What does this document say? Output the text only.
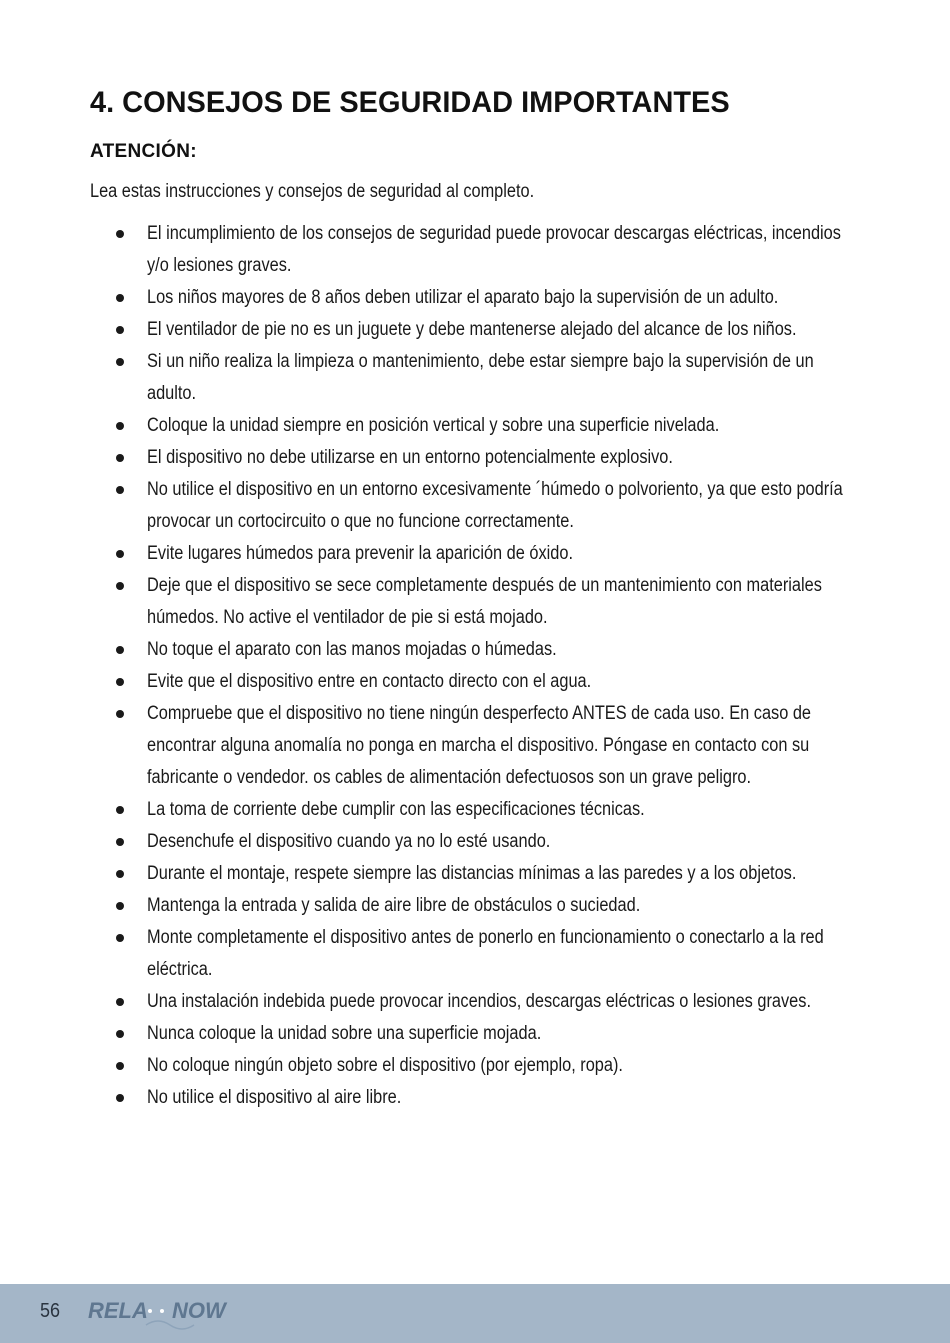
4. CONSEJOS DE SEGURIDAD IMPORTANTES
ATENCIÓN:

Lea estas instrucciones y consejos de seguridad al completo.

El incumplimiento de los consejos de seguridad puede provocar descargas eléctricas, incendios y/o lesiones graves.
Los niños mayores de 8 años deben utilizar el aparato bajo la supervisión de un adulto.
El ventilador de pie no es un juguete y debe mantenerse alejado del alcance de los niños.
Si un niño realiza la limpieza o mantenimiento, debe estar siempre bajo la supervisión de un adulto.
Coloque la unidad siempre en posición vertical y sobre una superficie nivelada.
El dispositivo no debe utilizarse en un entorno potencialmente explosivo.
No utilice el dispositivo en un entorno excesivamente ´húmedo o polvoriento, ya que esto podría provocar un cortocircuito o que no funcione correctamente.
Evite lugares húmedos para prevenir la aparición de óxido.
Deje que el dispositivo se sece completamente después de un mantenimiento con materiales húmedos. No active el ventilador de pie si está mojado.
No toque el aparato con las manos mojadas o húmedas.
Evite que el dispositivo entre en contacto directo con el agua.
Compruebe que el dispositivo no tiene ningún desperfecto ANTES de cada uso. En caso de encontrar alguna anomalía no ponga en marcha el dispositivo. Póngase en contacto con su fabricante o vendedor. os cables de alimentación defectuosos son un grave peligro.
La toma de corriente debe cumplir con las especificaciones técnicas.
Desenchufe el dispositivo cuando ya no lo esté usando.
Durante el montaje, respete siempre las distancias mínimas a las paredes y a los objetos.
Mantenga la entrada y salida de aire libre de obstáculos o suciedad.
Monte completamente el dispositivo antes de ponerlo en funcionamiento o conectarlo a la red eléctrica.
Una instalación indebida puede provocar incendios, descargas eléctricas o lesiones graves.
Nunca coloque la unidad sobre una superficie mojada.
No coloque ningún objeto sobre el dispositivo (por ejemplo, ropa).
No utilice el dispositivo al aire libre.
56 RELA NOW
